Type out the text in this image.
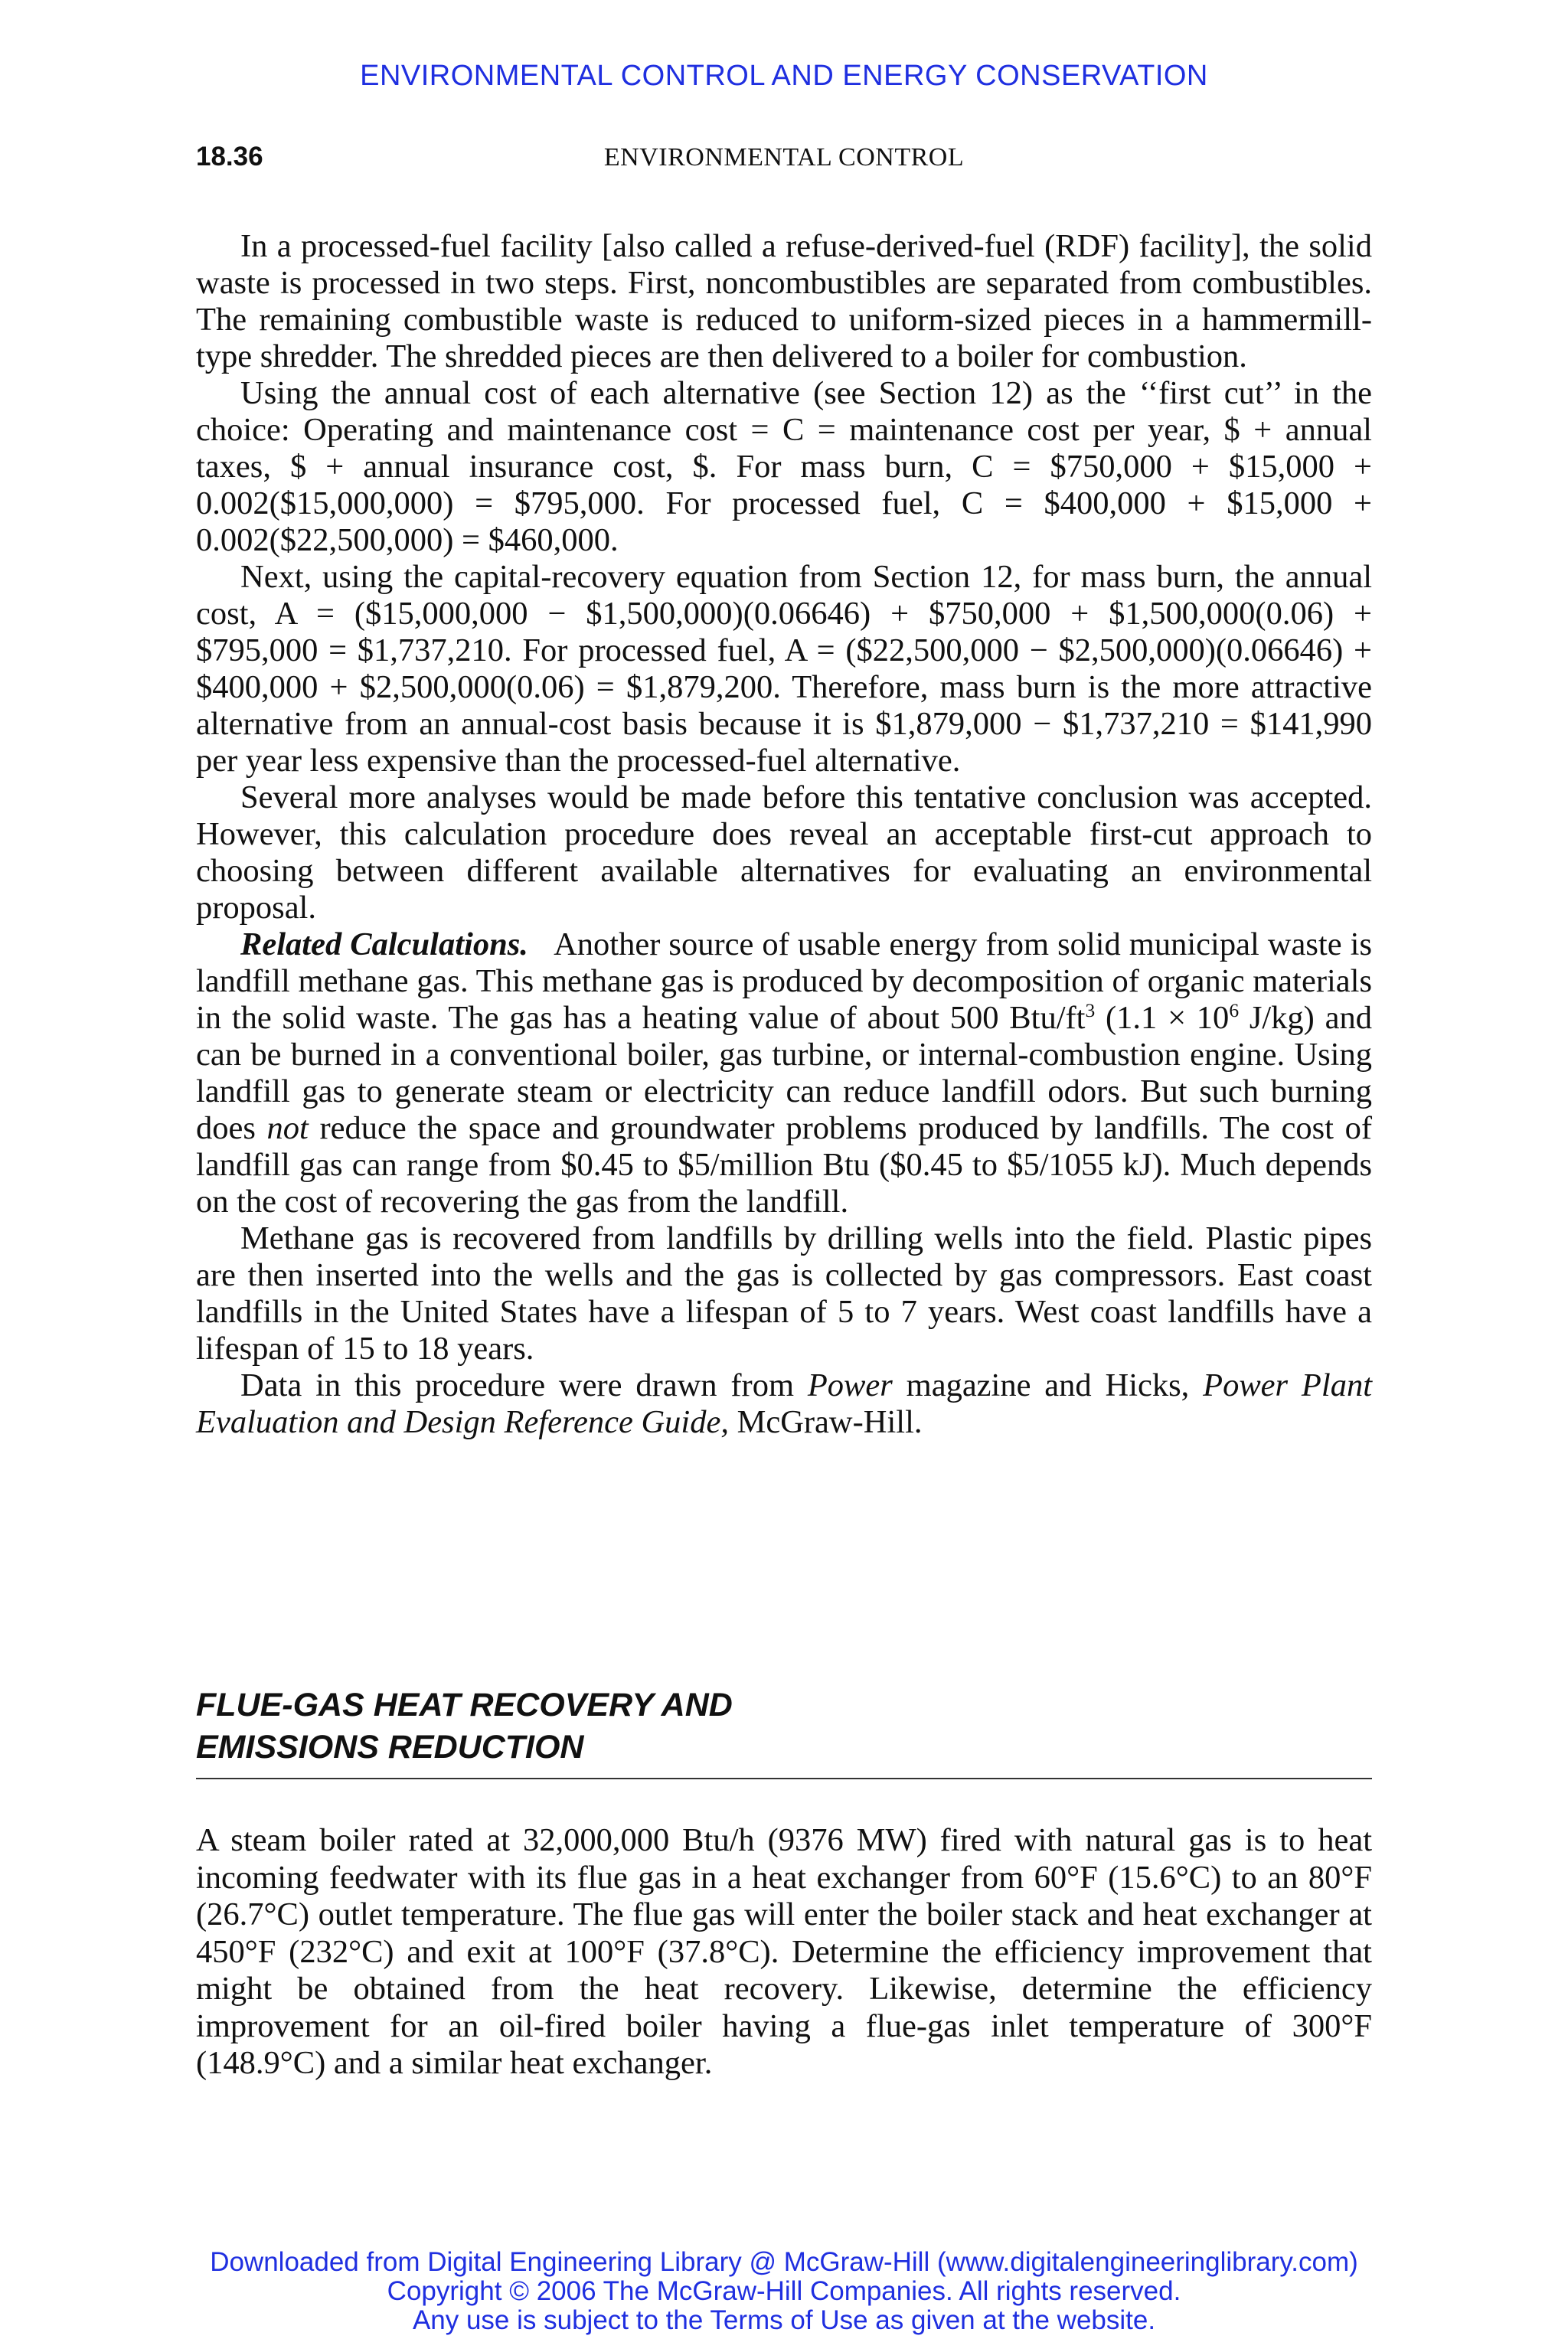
ENVIRONMENTAL CONTROL AND ENERGY CONSERVATION
18.36	ENVIRONMENTAL CONTROL

In a processed-fuel facility [also called a refuse-derived-fuel (RDF) facility], the solid waste is processed in two steps. First, noncombustibles are separated from combustibles. The remaining combustible waste is reduced to uniform-sized pieces in a hammermill-type shredder. The shredded pieces are then delivered to a boiler for combustion.

Using the annual cost of each alternative (see Section 12) as the ‘‘first cut’’ in the choice: Operating and maintenance cost = C = maintenance cost per year, $ + annual taxes, $ + annual insurance cost, $. For mass burn, C = $750,000 + $15,000 + 0.002($15,000,000) = $795,000. For processed fuel, C = $400,000 + $15,000 + 0.002($22,500,000) = $460,000.

Next, using the capital-recovery equation from Section 12, for mass burn, the annual cost, A = ($15,000,000 − $1,500,000)(0.06646) + $750,000 + $1,500,000(0.06) + $795,000 = $1,737,210. For processed fuel, A = ($22,500,000 − $2,500,000)(0.06646) + $400,000 + $2,500,000(0.06) = $1,879,200. Therefore, mass burn is the more attractive alternative from an annual-cost basis because it is $1,879,000 − $1,737,210 = $141,990 per year less expensive than the processed-fuel alternative.

Several more analyses would be made before this tentative conclusion was accepted. However, this calculation procedure does reveal an acceptable first-cut approach to choosing between different available alternatives for evaluating an environmental proposal.

Related Calculations. Another source of usable energy from solid municipal waste is landfill methane gas. This methane gas is produced by decomposition of organic materials in the solid waste. The gas has a heating value of about 500 Btu/$ft^3$ ($1.1 \times 10^6$ J/kg) and can be burned in a conventional boiler, gas turbine, or internal-combustion engine. Using landfill gas to generate steam or electricity can reduce landfill odors. But such burning does not reduce the space and groundwater problems produced by landfills. The cost of landfill gas can range from $0.45 to $5/million Btu ($0.45 to $5/1055 kJ). Much depends on the cost of recovering the gas from the landfill.

Methane gas is recovered from landfills by drilling wells into the field. Plastic pipes are then inserted into the wells and the gas is collected by gas compressors. East coast landfills in the United States have a lifespan of 5 to 7 years. West coast landfills have a lifespan of 15 to 18 years.

Data in this procedure were drawn from Power magazine and Hicks, Power Plant Evaluation and Design Reference Guide, McGraw-Hill.

FLUE-GAS HEAT RECOVERY AND
EMISSIONS REDUCTION

A steam boiler rated at 32,000,000 Btu/h (9376 MW) fired with natural gas is to heat incoming feedwater with its flue gas in a heat exchanger from 60°F (15.6°C) to an 80°F (26.7°C) outlet temperature. The flue gas will enter the boiler stack and heat exchanger at 450°F (232°C) and exit at 100°F (37.8°C). Determine the efficiency improvement that might be obtained from the heat recovery. Likewise, determine the efficiency improvement for an oil-fired boiler having a flue-gas inlet temperature of 300°F (148.9°C) and a similar heat exchanger.

Downloaded from Digital Engineering Library @ McGraw-Hill (www.digitalengineeringlibrary.com)
Copyright © 2006 The McGraw-Hill Companies. All rights reserved.
Any use is subject to the Terms of Use as given at the website.
